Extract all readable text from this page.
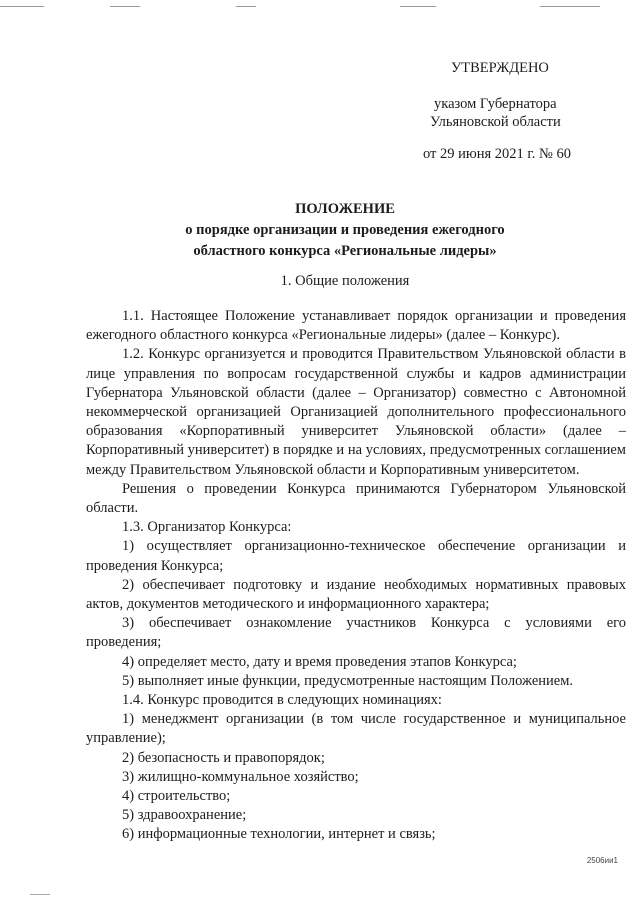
УТВЕРЖДЕНО
указом Губернатора
Ульяновской области
от 29 июня 2021 г. № 60
ПОЛОЖЕНИЕ
о порядке организации и проведения ежегодного
областного конкурса «Региональные лидеры»
1. Общие положения

1.1. Настоящее Положение устанавливает порядок организации и проведения ежегодного областного конкурса «Региональные лидеры» (далее – Конкурс).

1.2. Конкурс организуется и проводится Правительством Ульяновской области в лице управления по вопросам государственной службы и кадров администрации Губернатора Ульяновской области (далее – Организатор) совместно с Автономной некоммерческой организацией Организацией дополнительного профессионального образования «Корпоративный университет Ульяновской области» (далее – Корпоративный университет) в порядке и на условиях, предусмотренных соглашением между Правительством Ульяновской области и Корпоративным университетом.

Решения о проведении Конкурса принимаются Губернатором Ульяновской области.

1.3. Организатор Конкурса:

1) осуществляет организационно-техническое обеспечение организации и проведения Конкурса;

2) обеспечивает подготовку и издание необходимых нормативных правовых актов, документов методического и информационного характера;

3) обеспечивает ознакомление участников Конкурса с условиями его проведения;

4) определяет место, дату и время проведения этапов Конкурса;

5) выполняет иные функции, предусмотренные настоящим Положением.

1.4. Конкурс проводится в следующих номинациях:

1) менеджмент организации (в том числе государственное и муниципальное управление);

2) безопасность и правопорядок;

3) жилищно-коммунальное хозяйство;

4) строительство;

5) здравоохранение;

6) информационные технологии, интернет и связь;

2506ии1
